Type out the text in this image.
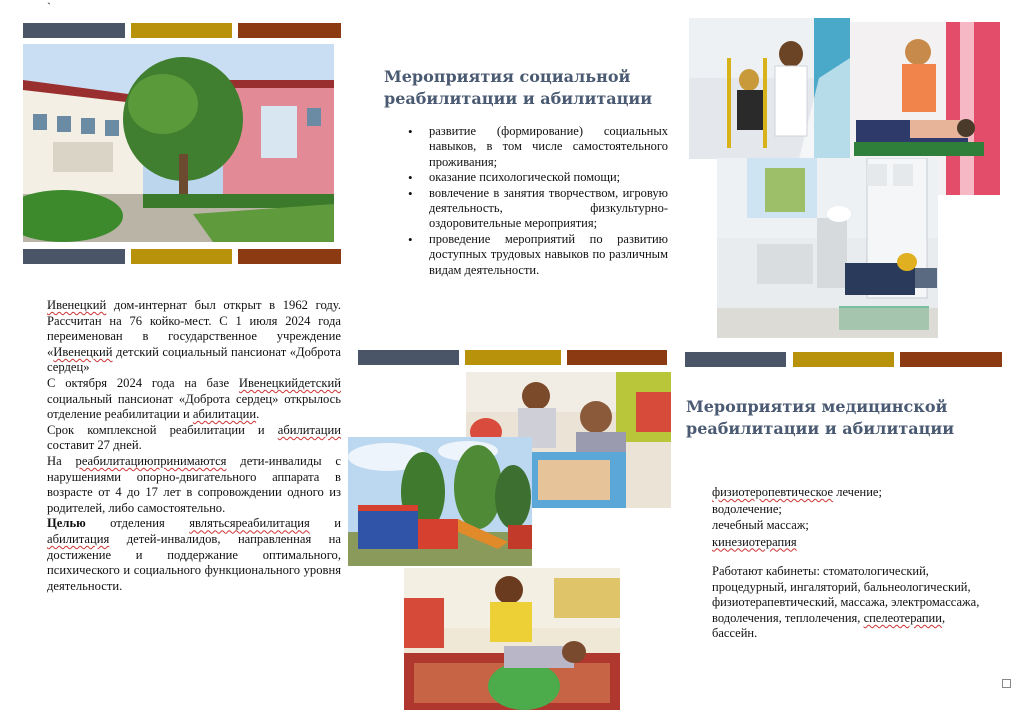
`
Ивенецкий дом-интернат был открыт в 1962 году. Рассчитан на 76 койко-мест. С 1 июля 2024 года переименован в государственное учреждение «Ивенецкий детский социальный пансионат «Доброта сердец»
С октября 2024 года на базе Ивенецкийдетский социальный пансионат «Доброта сердец» открылось отделение реабилитации и абилитации.
Срок комплексной реабилитации и абилитации составит 27 дней.
На реабилитациюпринимаются дети-инвалиды с нарушениями опорно-двигательного аппарата в возрасте от 4 до 17 лет в сопровождении одного из родителей, либо самостоятельно.
Целью отделения являтьсяреабилитация и абилитация детей-инвалидов, направленная на достижение и поддержание оптимального, психического и социального функционального уровня деятельности.
Мероприятия социальной
реабилитации и абилитации
• развитие (формирование) социальных навыков, в том числе самостоятельного проживания;
• оказание психологической помощи;
• вовлечение в занятия творчеством, игровую деятельность, физкультурно-оздоровительные мероприятия;
• проведение мероприятий по развитию доступных трудовых навыков по различным видам деятельности.
Мероприятия медицинской
реабилитации и абилитации
физиотеропевтическое лечение;
водолечение;
лечебный массаж;
кинезиотерапия
Работают кабинеты: стоматологический, процедурный, ингаляторий, бальнеологический, физиотерапевтический, массажа, электромассажа, водолечения, теплолечения, спелеотерапии, бассейн.
